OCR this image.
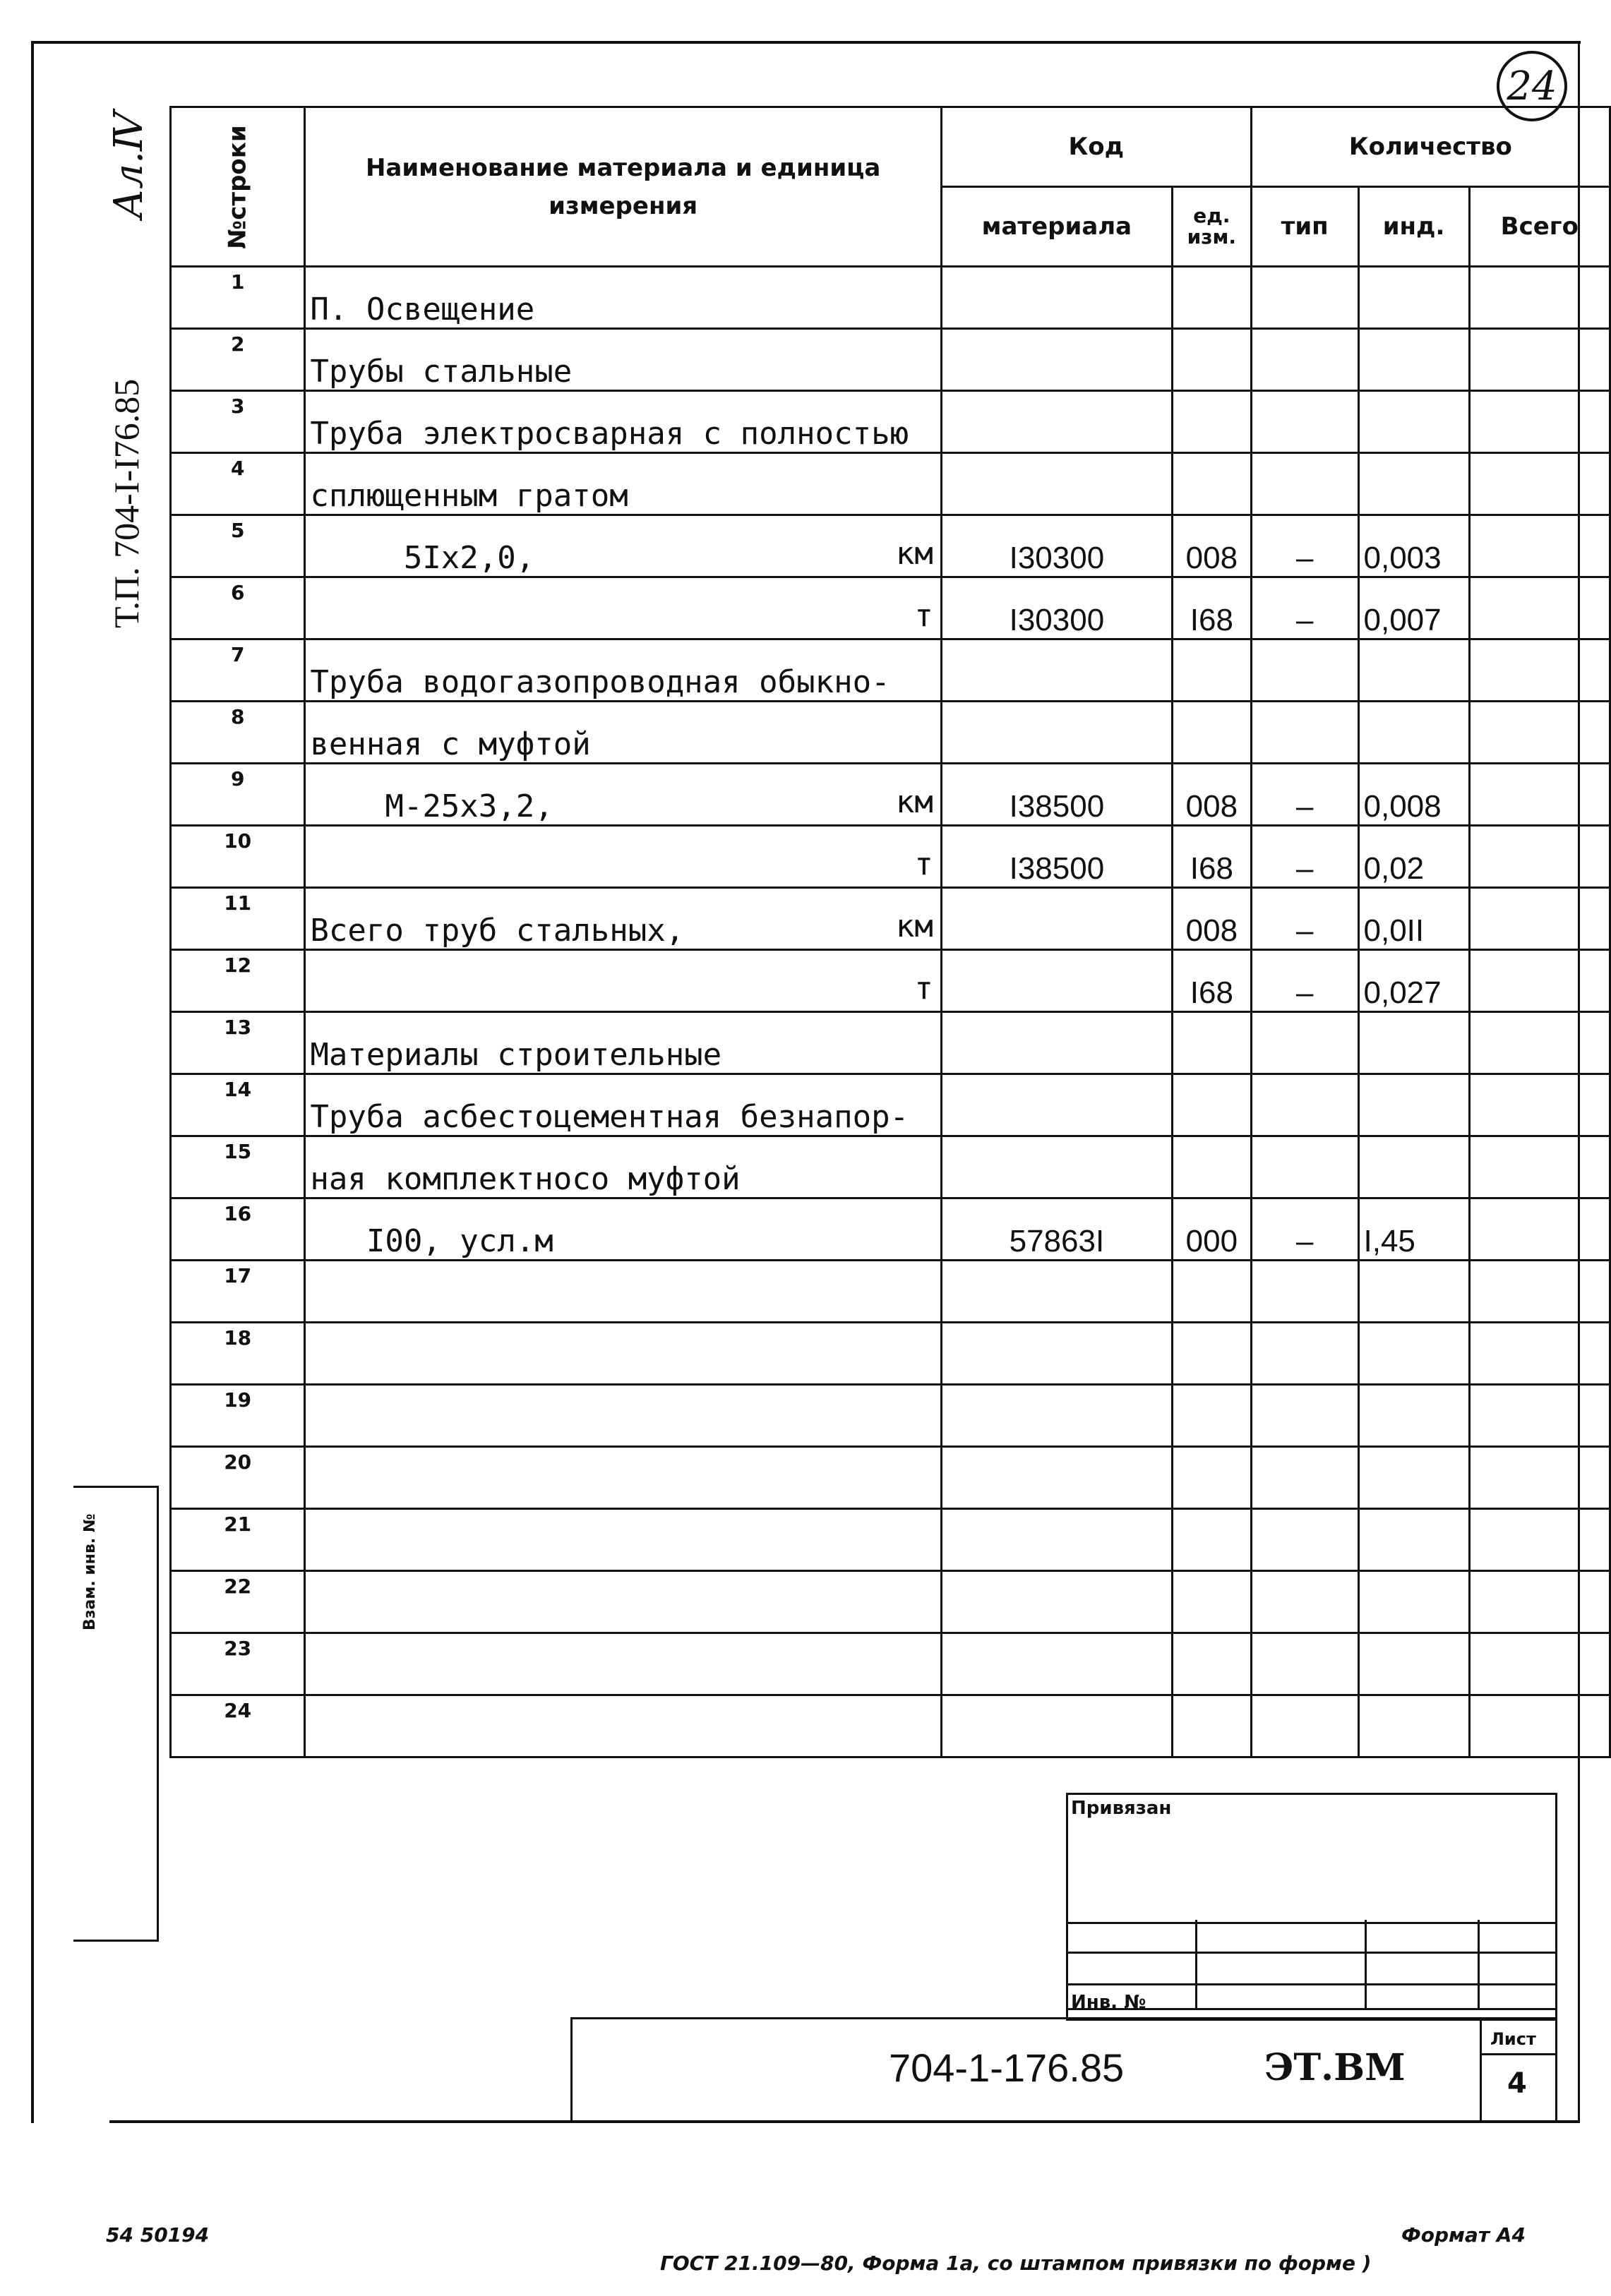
24
Ал.Ⅳ
Т.П. 704-I-I76.85
Взам. инв. №
№строки	Наименование материала и единица измерения	Код		Количество		
		материала	ед. изм.	тип	инд.	Всего
1	П. Освещение

2	Трубы стальные

3	Труба электросварная с полностью

4	сплющенным гратом

5	5Iх2,0, км	I30300	008	–	0,003	
6	т	I30300	I68	–	0,007	
7	Труба водогазопроводная обыкно-

8	венная с муфтой

9	М-25х3,2, км	I38500	008	–	0,008	
10	т	I38500	I68	–	0,02	
11	Всего труб стальных, км		008	–	0,0II	
12	т		I68	–	0,027	
13	Материалы строительные

14	Труба асбестоцементная безнапор-

15	ная комплектносо муфтой

16	I00, усл.м	57863I	000	–	I,45	
17	

18	

19	

20	

21	

22	

23	

24	

Привязан
Инв. №
704-1-176.85	ЭТ.ВМ
Лист
4
54 50194
ГОСТ 21.109—80, Форма 1а, со штампом привязки по форме )
Формат А4
